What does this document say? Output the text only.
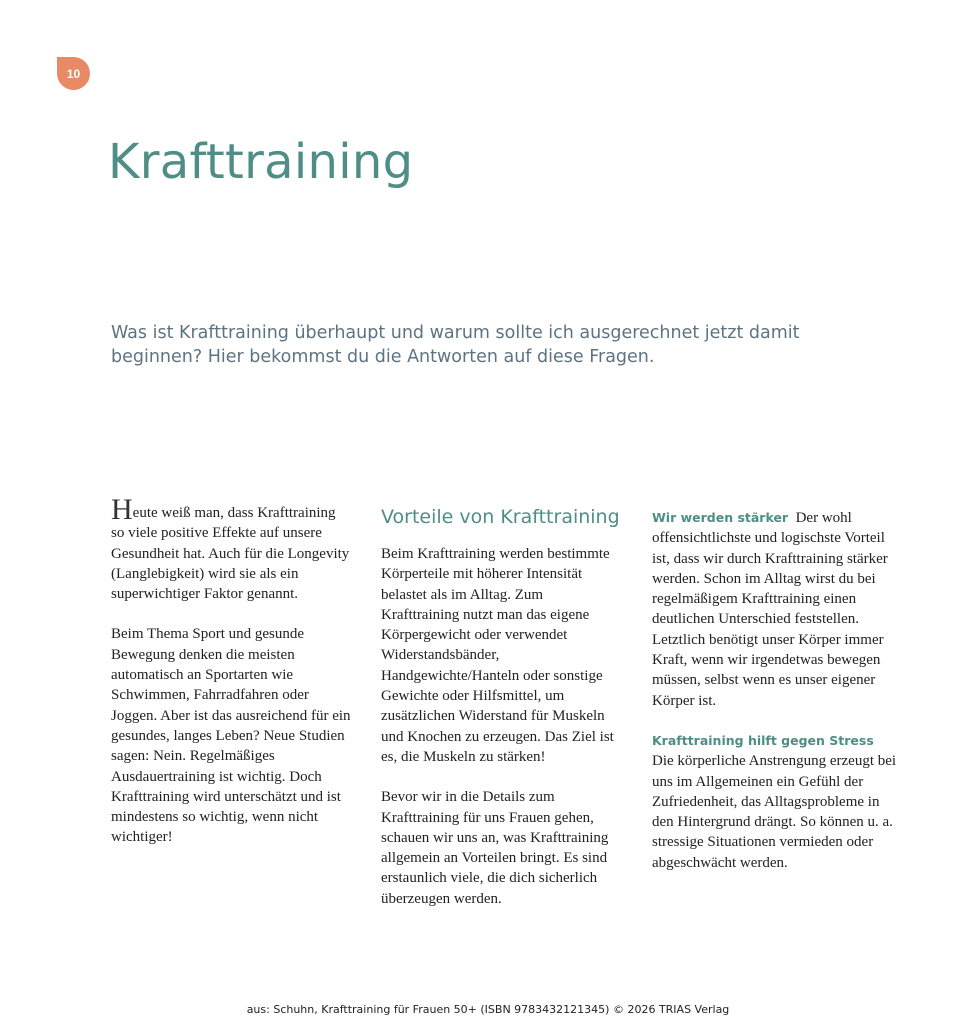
10
Krafttraining

Was ist Krafttraining überhaupt und warum sollte ich ausgerechnet jetzt damit beginnen? Hier bekommst du die Antworten auf diese Fragen.

Heute weiß man, dass Krafttraining so viele positive Effekte auf unsere Gesundheit hat. Auch für die Longevity (Langlebigkeit) wird sie als ein superwichtiger Faktor genannt.

Beim Thema Sport und gesunde Bewegung denken die meisten automatisch an Sportarten wie Schwimmen, Fahrradfahren oder Joggen. Aber ist das ausreichend für ein gesundes, langes Leben? Neue Studien sagen: Nein. Regelmäßiges Ausdauertraining ist wichtig. Doch Krafttraining wird unterschätzt und ist mindestens so wichtig, wenn nicht wichtiger!

Vorteile von Krafttraining

Beim Krafttraining werden bestimmte Körperteile mit höherer Intensität belastet als im Alltag. Zum Krafttraining nutzt man das eigene Körpergewicht oder verwendet Widerstandsbänder, Handgewichte/Hanteln oder sonstige Gewichte oder Hilfsmittel, um zusätzlichen Widerstand für Muskeln und Knochen zu erzeugen. Das Ziel ist es, die Muskeln zu stärken!

Bevor wir in die Details zum Krafttraining für uns Frauen gehen, schauen wir uns an, was Krafttraining allgemein an Vorteilen bringt. Es sind erstaunlich viele, die dich sicherlich überzeugen werden.

Wir werden stärker Der wohl offensichtlichste und logischste Vorteil ist, dass wir durch Krafttraining stärker werden. Schon im Alltag wirst du bei regelmäßigem Krafttraining einen deutlichen Unterschied feststellen. Letztlich benötigt unser Körper immer Kraft, wenn wir irgendetwas bewegen müssen, selbst wenn es unser eigener Körper ist.

Krafttraining hilft gegen Stress  Die körperliche Anstrengung erzeugt bei uns im Allgemeinen ein Gefühl der Zufriedenheit, das Alltagsprobleme in den Hintergrund drängt. So können u. a. stressige Situationen vermieden oder abgeschwächt werden.

aus: Schuhn, Krafttraining für Frauen 50+ (ISBN 9783432121345) © 2026 TRIAS Verlag
